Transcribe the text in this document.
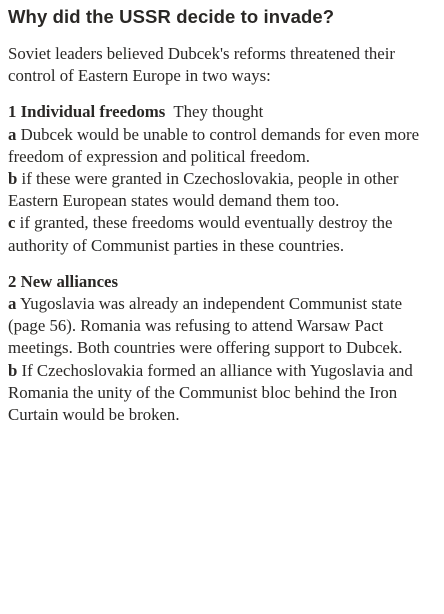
Why did the USSR decide to invade?

Soviet leaders believed Dubcek's reforms threatened their control of Eastern Europe in two ways:

1 Individual freedoms They thought

a Dubcek would be unable to control demands for even more freedom of expression and political freedom.

b if these were granted in Czechoslovakia, people in other Eastern European states would demand them too.

c if granted, these freedoms would eventually destroy the authority of Communist parties in these countries.

2 New alliances

a Yugoslavia was already an independent Communist state (page 56). Romania was refusing to attend Warsaw Pact meetings. Both countries were offering support to Dubcek.

b If Czechoslovakia formed an alliance with Yugoslavia and Romania the unity of the Communist bloc behind the Iron Curtain would be broken.
